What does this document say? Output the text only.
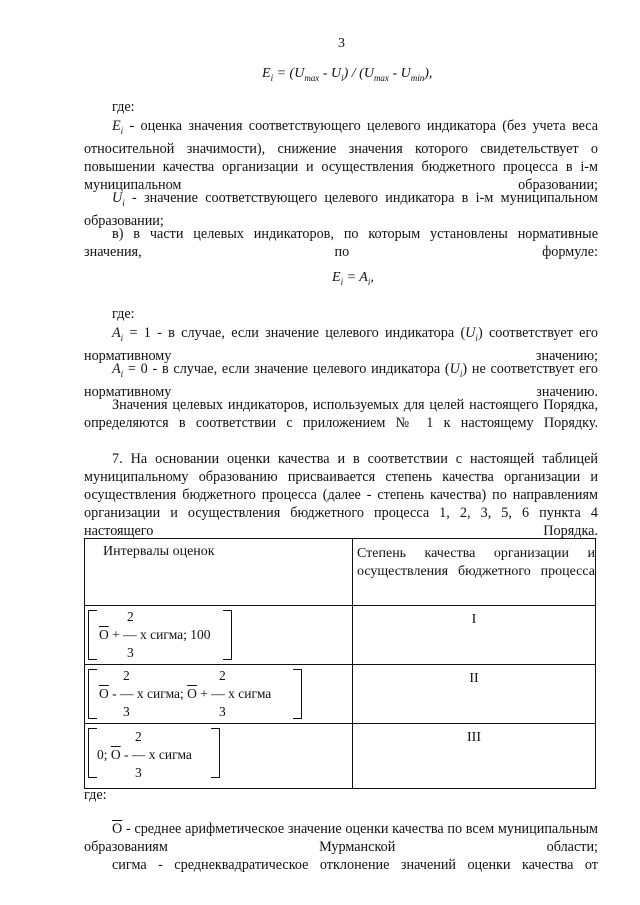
3
$E_i = (U_{max} - U_i) / (U_{max} - U_{min})$,
где:
$E_i$ - оценка значения соответствующего целевого индикатора (без учета веса относительной значимости), снижение значения которого свидетельствует о повышении качества организации и осуществления бюджетного процесса в i-м муниципальном образовании;
$U_i$ - значение соответствующего целевого индикатора в i-м муниципальном образовании;
в) в части целевых индикаторов, по которым установлены нормативные значения, по формуле:
$E_i = A_i$,
где:
$A_i = 1 - в$ случае, если значение целевого индикатора $(U_i)$ соответствует его нормативному значению;
$A_i = 0 - в$ случае, если значение целевого индикатора $(U_i)$ не соответствует его нормативному значению.
Значения целевых индикаторов, используемых для целей настоящего Порядка, определяются в соответствии с приложением № 1 к настоящему Порядку.
7. На основании оценки качества и в соответствии с настоящей таблицей муниципальному образованию присваивается степень качества организации и осуществления бюджетного процесса (далее - степень качества) по направлениям организации и осуществления бюджетного процесса 1, 2, 3, 5, 6 пункта 4 настоящего Порядка.
Интервалы оценок	Степень качества организации и осуществления бюджетного процесса

2
$\overline{O}$ + — х сигма; 100
3	I

2 2
$\overline{O}$ - — х сигма; $\overline{O}$ + — х сигма
3 3	II

2
0; $\overline{O}$ - — х сигма
3	III
где:
$\overline{O}$ - среднее арифметическое значение оценки качества по всем муниципальным образованиям Мурманской области;
сигма - среднеквадратическое отклонение значений оценки качества от
